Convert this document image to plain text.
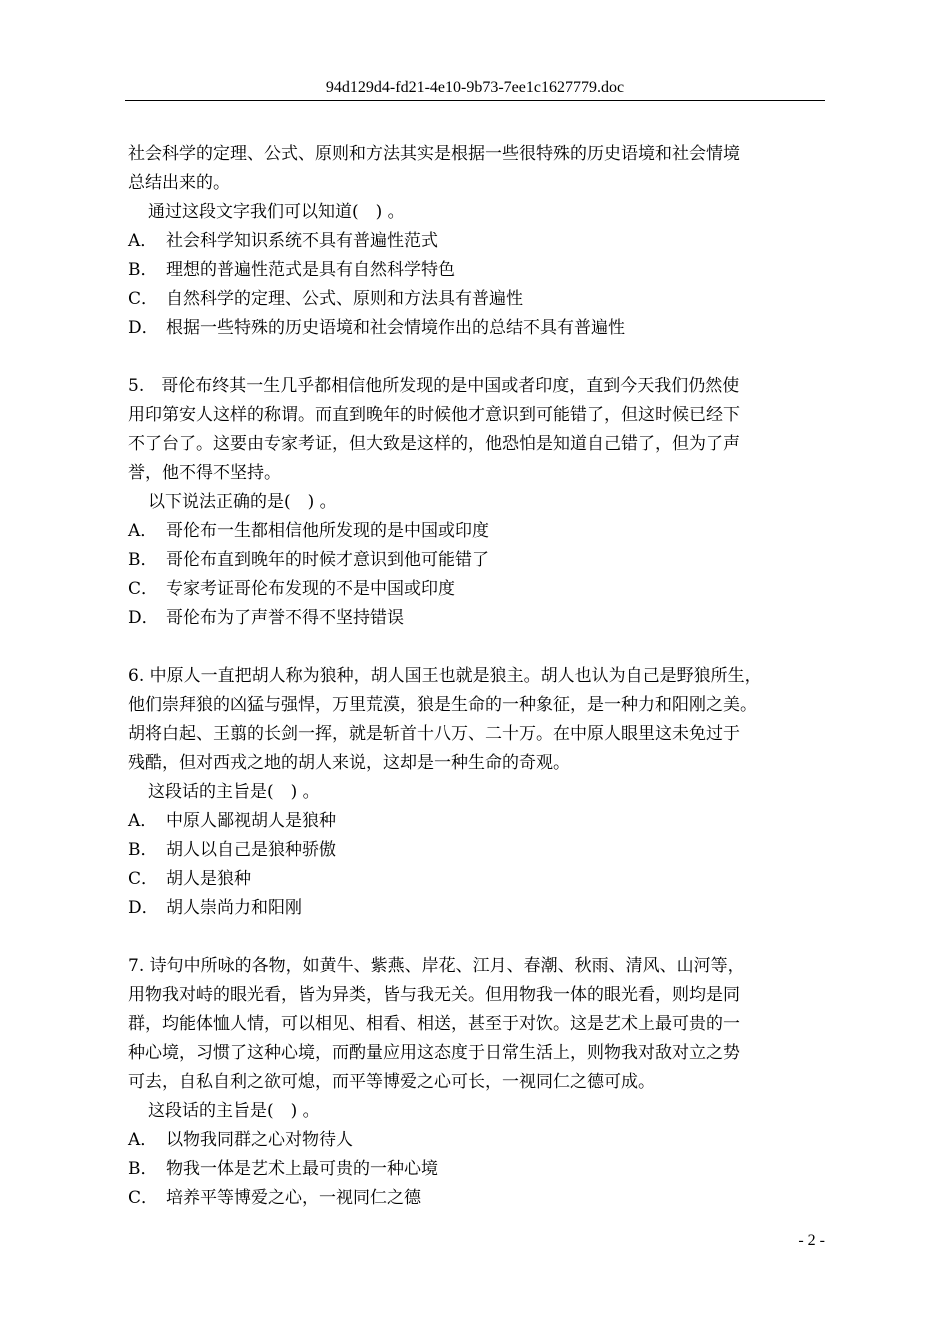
94d129d4-fd21-4e10-9b73-7ee1c1627779.doc

社会科学的定理、公式、原则和方法其实是根据一些很特殊的历史语境和社会情境

总结出来的。

通过这段文字我们可以知道(　) 。

A． 社会科学知识系统不具有普遍性范式
B． 理想的普遍性范式是具有自然科学特色
C． 自然科学的定理、公式、原则和方法具有普遍性
D． 根据一些特殊的历史语境和社会情境作出的总结不具有普遍性

5.　哥伦布终其一生几乎都相信他所发现的是中国或者印度，直到今天我们仍然使

用印第安人这样的称谓。而直到晚年的时候他才意识到可能错了，但这时候已经下

不了台了。这要由专家考证，但大致是这样的，他恐怕是知道自己错了，但为了声

誉，他不得不坚持。

以下说法正确的是(　) 。

A． 哥伦布一生都相信他所发现的是中国或印度
B． 哥伦布直到晚年的时候才意识到他可能错了
C． 专家考证哥伦布发现的不是中国或印度
D． 哥伦布为了声誉不得不坚持错误

6. 中原人一直把胡人称为狼种，胡人国王也就是狼主。胡人也认为自己是野狼所生，

他们崇拜狼的凶猛与强悍，万里荒漠，狼是生命的一种象征，是一种力和阳刚之美。

胡将白起、王翦的长剑一挥，就是斩首十八万、二十万。在中原人眼里这未免过于

残酷，但对西戎之地的胡人来说，这却是一种生命的奇观。

这段话的主旨是(　) 。

A． 中原人鄙视胡人是狼种
B． 胡人以自己是狼种骄傲
C． 胡人是狼种
D． 胡人崇尚力和阳刚

7. 诗句中所咏的各物，如黄牛、紫燕、岸花、江月、春潮、秋雨、清风、山河等，

用物我对峙的眼光看，皆为异类，皆与我无关。但用物我一体的眼光看，则均是同

群，均能体恤人情，可以相见、相看、相送，甚至于对饮。这是艺术上最可贵的一

种心境，习惯了这种心境，而酌量应用这态度于日常生活上，则物我对敌对立之势

可去，自私自利之欲可熄，而平等博爱之心可长，一视同仁之德可成。

这段话的主旨是(　) 。

A． 以物我同群之心对物待人
B． 物我一体是艺术上最可贵的一种心境
C． 培养平等博爱之心，一视同仁之德
- 2 -
